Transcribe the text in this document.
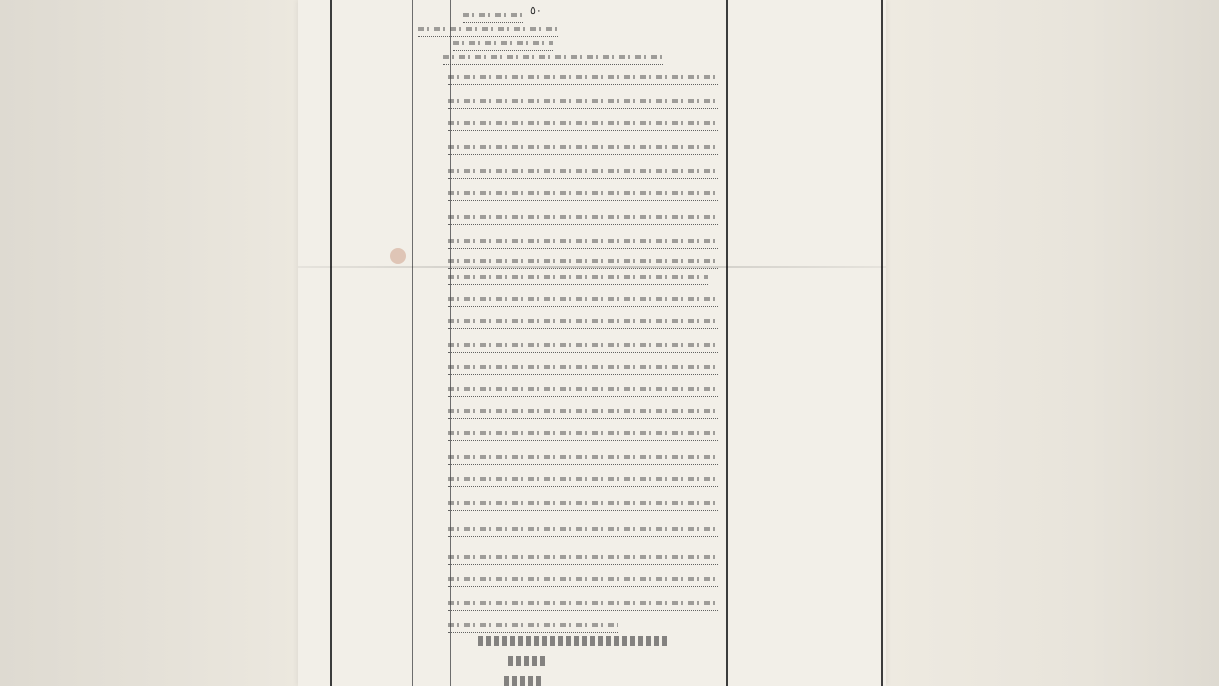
٥٠
